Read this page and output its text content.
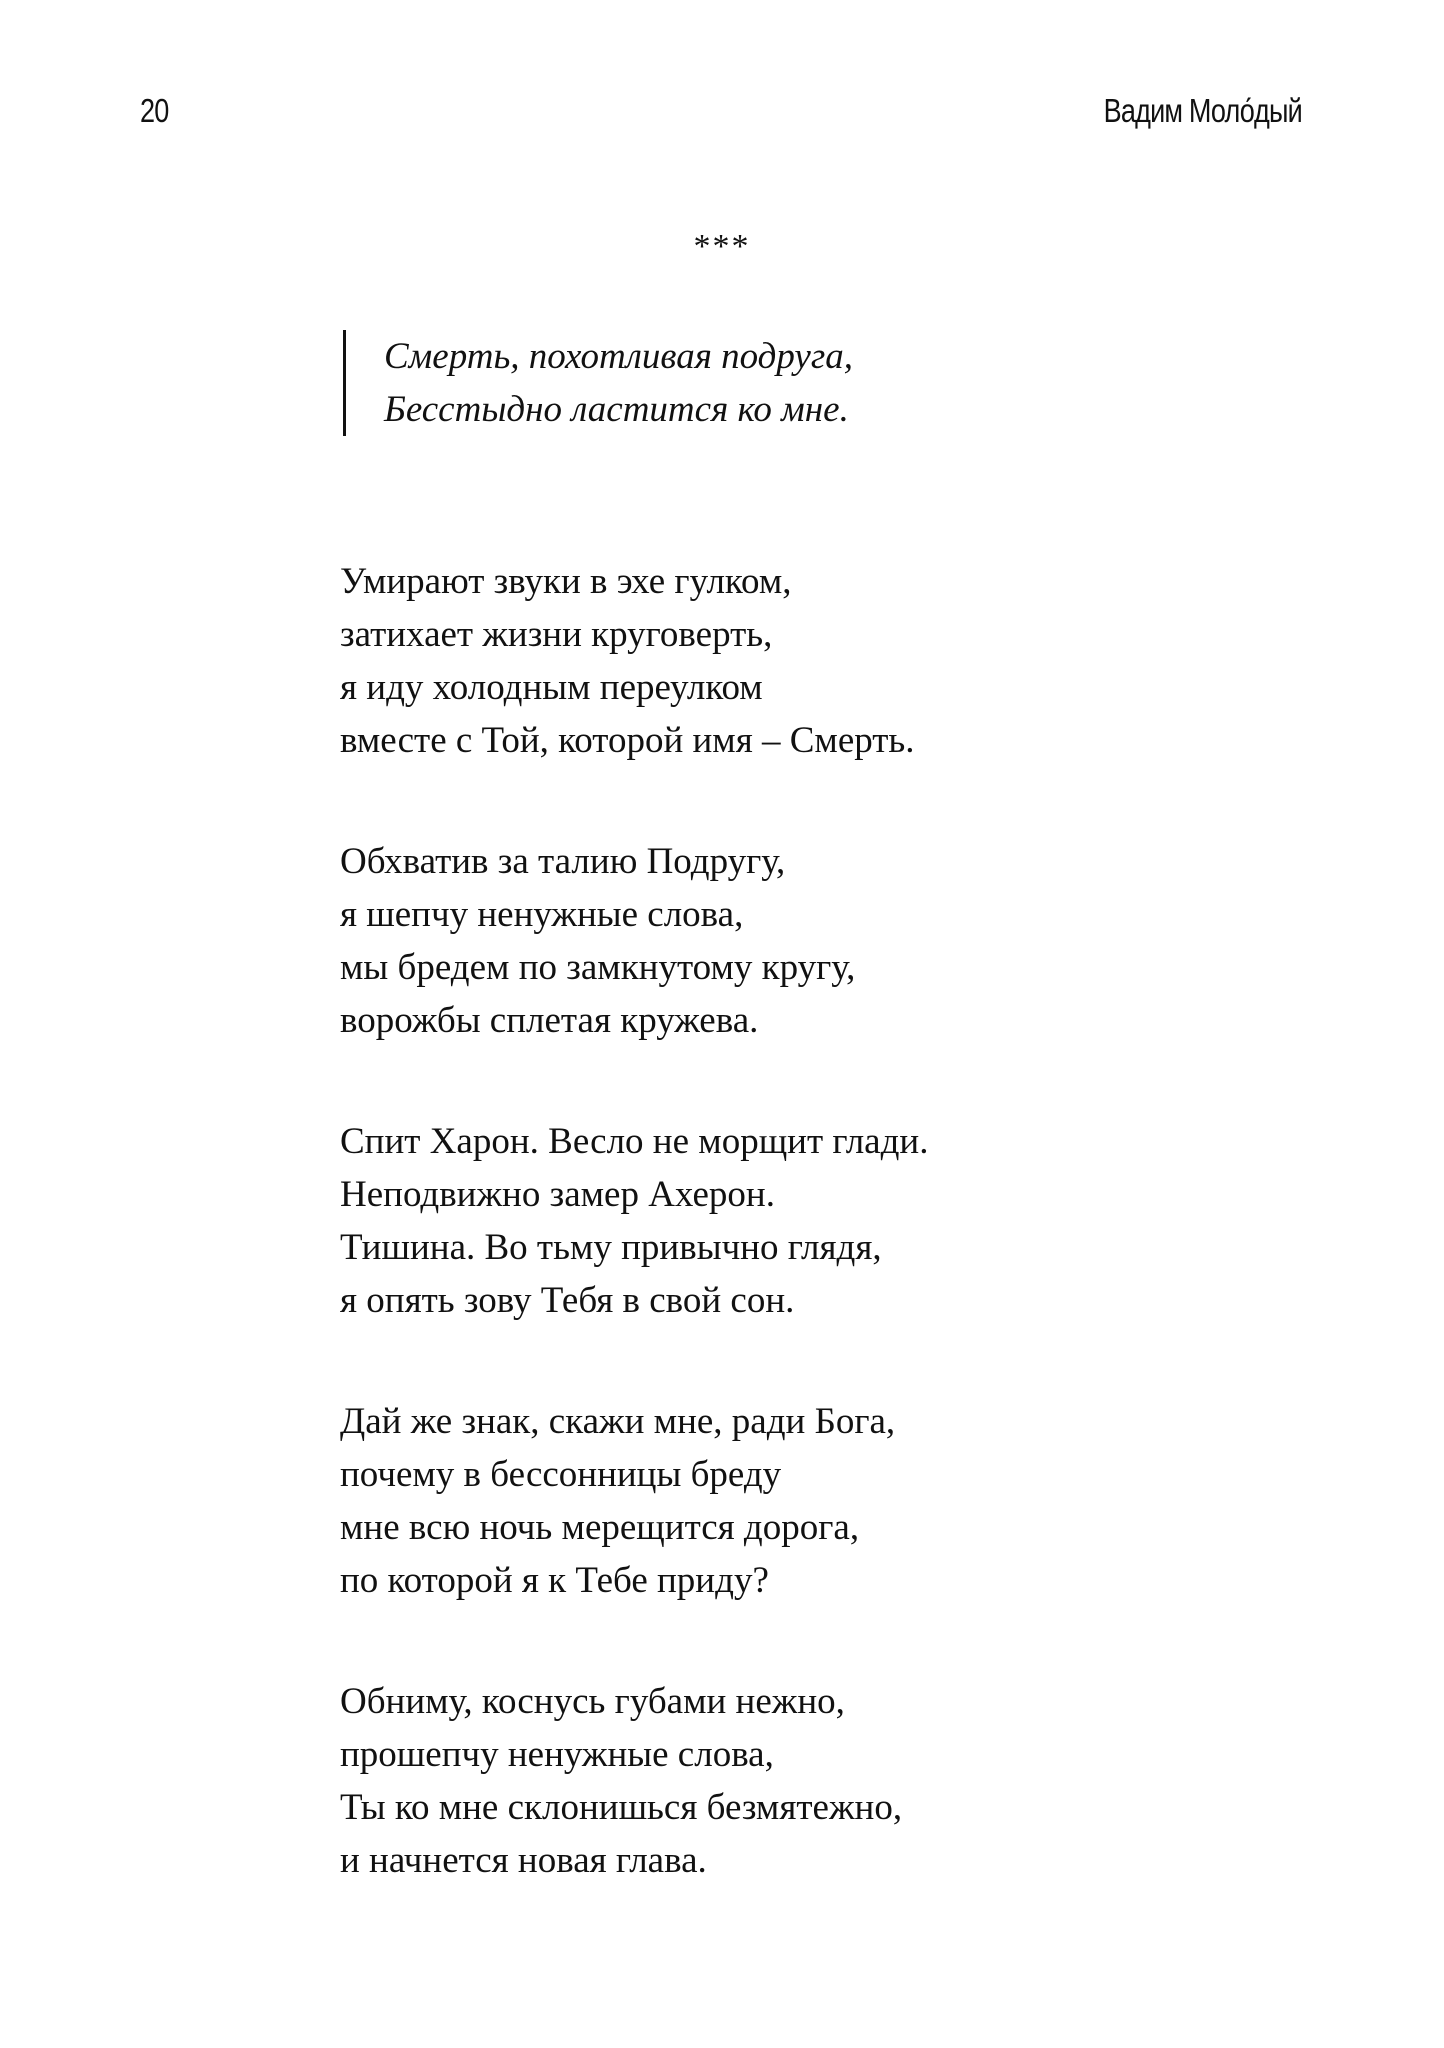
20	Вадим Моло́дый
***
Смерть, похотливая подруга,
Бесстыдно ластится ко мне.
Умирают звуки в эхе гулком,
затихает жизни круговерть,
я иду холодным переулком
вместе с Той, которой имя – Смерть.
Обхватив за талию Подругу,
я шепчу ненужные слова,
мы бредем по замкнутому кругу,
ворожбы сплетая кружева.
Спит Харон. Весло не морщит глади.
Неподвижно замер Ахерон.
Тишина. Во тьму привычно глядя,
я опять зову Тебя в свой сон.
Дай же знак, скажи мне, ради Бога,
почему в бессонницы бреду
мне всю ночь мерещится дорога,
по которой я к Тебе приду?
Обниму, коснусь губами нежно,
прошепчу ненужные слова,
Ты ко мне склонишься безмятежно,
и начнется новая глава.
